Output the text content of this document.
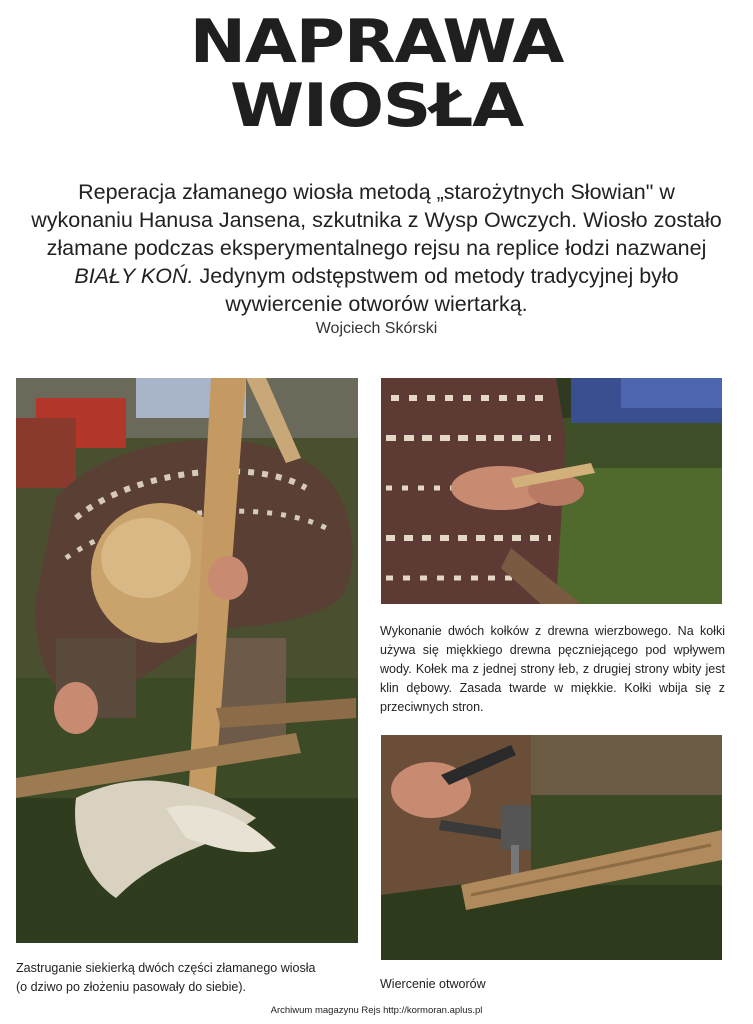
NAPRAWA
WIOSŁA
Reperacja złamanego wiosła metodą „starożytnych Słowian" w wykonaniu Hanusa Jansena, szkutnika z Wysp Owczych. Wiosło zostało złamane podczas eksperymentalnego rejsu na replice łodzi nazwanej BIAŁY KOŃ. Jedynym odstępstwem od metody tradycyjnej było wywiercenie otworów wiertarką.
Wojciech Skórski
Wykonanie dwóch kołków z drewna wierzbowego. Na kołki używa się miękkiego drewna pęczniejącego pod wpływem wody. Kołek ma z jednej strony łeb, z drugiej strony wbity jest klin dębowy. Zasada twarde w miękkie. Kołki wbija się z przeciwnych stron.
Zastruganie siekierką dwóch części złamanego wiosła
(o dziwo po złożeniu pasowały do siebie).	Wiercenie otworów
Archiwum magazynu Rejs http://kormoran.aplus.pl
